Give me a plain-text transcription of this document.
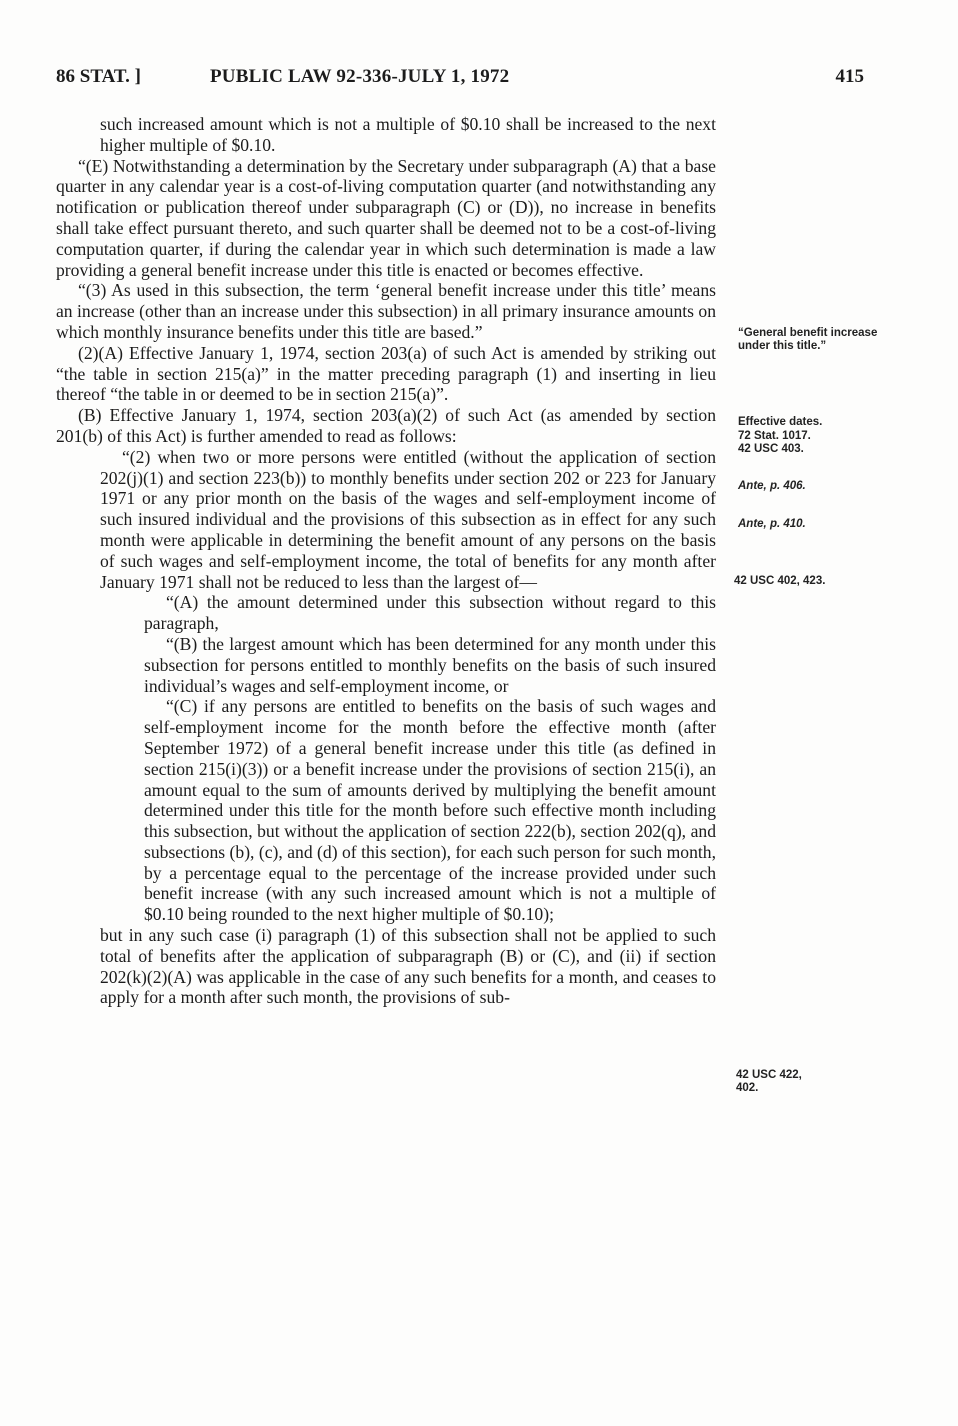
86 STAT. ]	PUBLIC LAW 92-336-JULY 1, 1972	415

such increased amount which is not a multiple of $0.10 shall be increased to the next higher multiple of $0.10.

“(E) Notwithstanding a determination by the Secretary under subparagraph (A) that a base quarter in any calendar year is a cost-of-living computation quarter (and notwithstanding any notification or publication thereof under subparagraph (C) or (D)), no increase in benefits shall take effect pursuant thereto, and such quarter shall be deemed not to be a cost-of-living computation quarter, if during the calendar year in which such determination is made a law providing a general benefit increase under this title is enacted or becomes effective.

“(3) As used in this subsection, the term ‘general benefit increase under this title’ means an increase (other than an increase under this subsection) in all primary insurance amounts on which monthly insurance benefits under this title are based.”

(2)(A) Effective January 1, 1974, section 203(a) of such Act is amended by striking out “the table in section 215(a)” in the matter preceding paragraph (1) and inserting in lieu thereof “the table in or deemed to be in section 215(a)”.

(B) Effective January 1, 1974, section 203(a)(2) of such Act (as amended by section 201(b) of this Act) is further amended to read as follows:

“(2) when two or more persons were entitled (without the application of section 202(j)(1) and section 223(b)) to monthly benefits under section 202 or 223 for January 1971 or any prior month on the basis of the wages and self-employment income of such insured individual and the provisions of this subsection as in effect for any such month were applicable in determining the benefit amount of any persons on the basis of such wages and self-employment income, the total of benefits for any month after January 1971 shall not be reduced to less than the largest of—

“(A) the amount determined under this subsection without regard to this paragraph,

“(B) the largest amount which has been determined for any month under this subsection for persons entitled to monthly benefits on the basis of such insured individual’s wages and self-employment income, or

“(C) if any persons are entitled to benefits on the basis of such wages and self-employment income for the month before the effective month (after September 1972) of a general benefit increase under this title (as defined in section 215(i)(3)) or a benefit increase under the provisions of section 215(i), an amount equal to the sum of amounts derived by multiplying the benefit amount determined under this title for the month before such effective month including this subsection, but without the application of section 222(b), section 202(q), and subsections (b), (c), and (d) of this section), for each such person for such month, by a percentage equal to the percentage of the increase provided under such benefit increase (with any such increased amount which is not a multiple of $0.10 being rounded to the next higher multiple of $0.10);

but in any such case (i) paragraph (1) of this subsection shall not be applied to such total of benefits after the application of subparagraph (B) or (C), and (ii) if section 202(k)(2)(A) was applicable in the case of any such benefits for a month, and ceases to apply for a month after such month, the provisions of sub-

“General benefit increase under this title.”
Effective dates.
72 Stat. 1017.
42 USC 403.
Ante, p. 406.
Ante, p. 410.
42 USC 402, 423.
42 USC 422, 402.
